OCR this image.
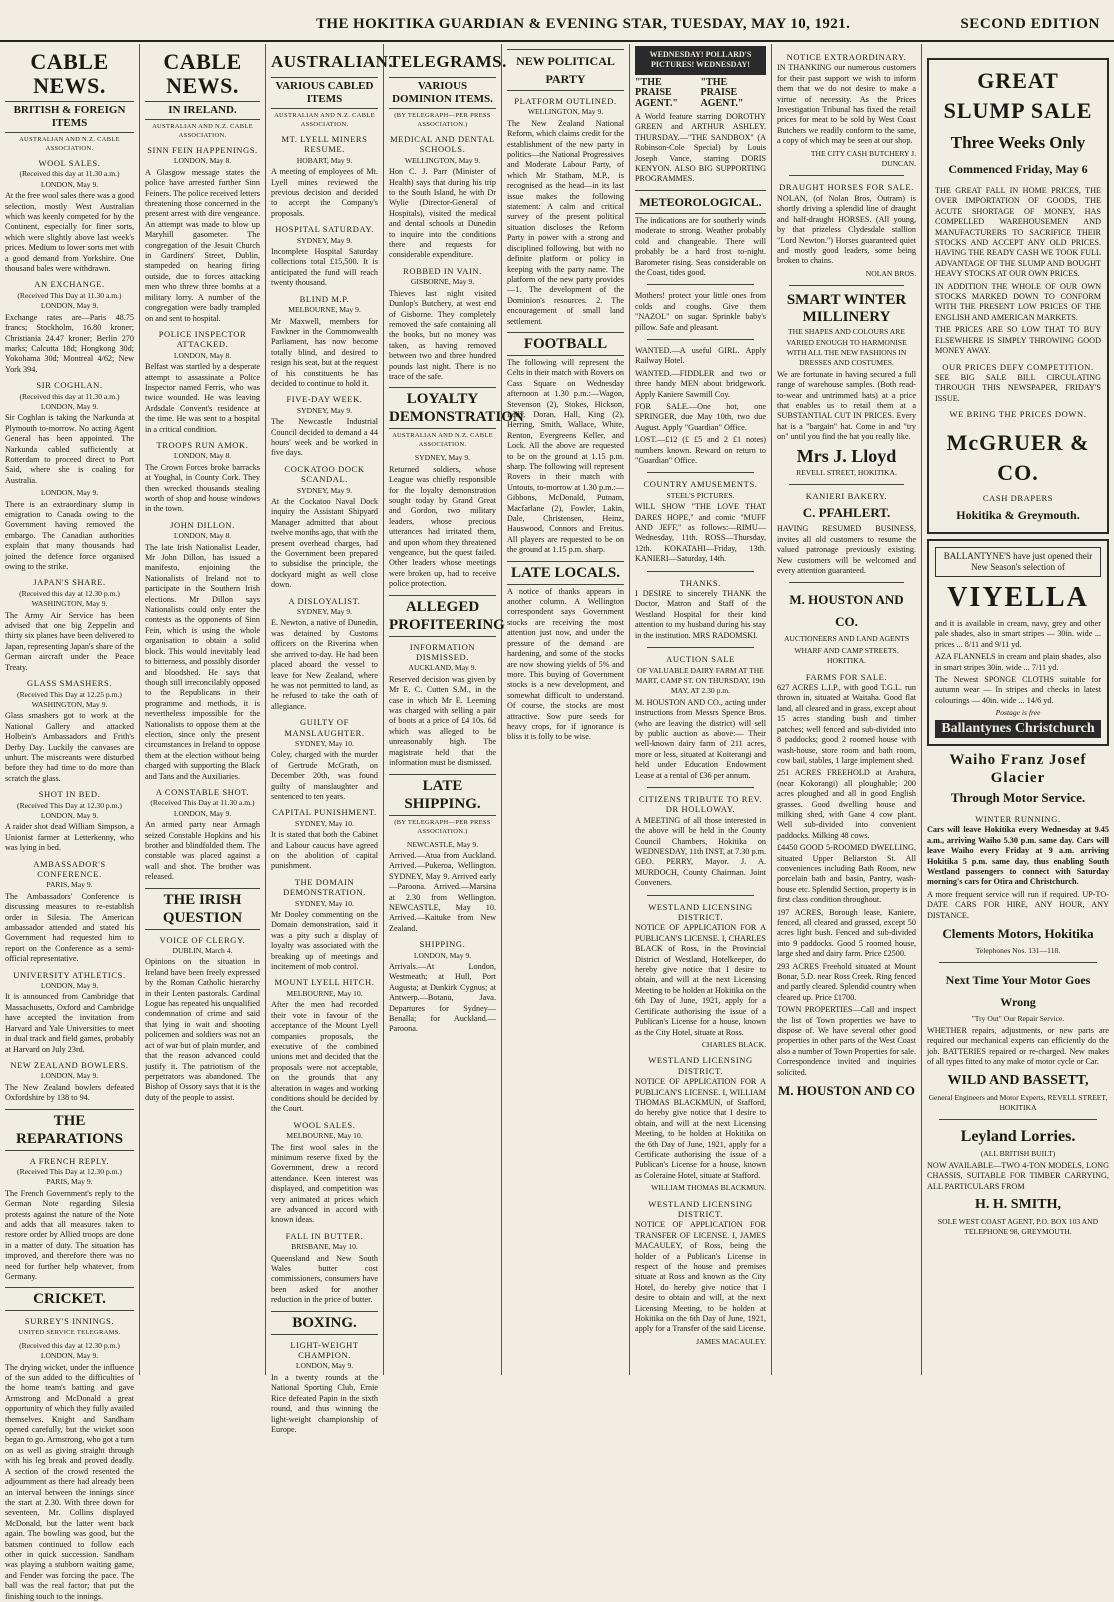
THE HOKITIKA GUARDIAN & EVENING STAR, TUESDAY, MAY 10, 1921.	SECOND EDITION
CABLE NEWS.
BRITISH & FOREIGN ITEMS
AUSTRALIAN AND N.Z. CABLE ASSOCIATION.
WOOL SALES.
(Received this day at 11.30 a.m.) LONDON, May 9.

At the free wool sales there was a good selection, mostly West Australian which was keenly competed for by the Continent, especially for finer sorts, which were slightly above last week's prices. Medium to lower sorts met with a good demand from Yorkshire. One thousand bales were withdrawn.

AN EXCHANGE.
(Received This Day at 11.30 a.m.) LONDON, May 9.

Exchange rates are—Paris 48.75 francs; Stockholm, 16.80 kroner; Christiania 24.47 kroner; Berlin 270 marks; Calcutta 18d; Hongkong 30d; Yokohama 30d; Montreal 4/62; New York 394.

SIR COGHLAN.
(Received this day at 11.30 a.m.) LONDON, May 9.

Sir Coghlan is taking the Narkunda at Plymouth to-morrow. No acting Agent General has been appointed. The Narkunda cabled sufficiently at Rotterdam to proceed direct to Port Said, where she is coaling for Australia.

LONDON, May 9.

There is an extraordinary slump in emigration to Canada owing to the Government having removed the embargo. The Canadian authorities explain that many thousands had joined the defence force organised owing to the strike.

JAPAN'S SHARE.
(Received this day at 12.30 p.m.) WASHINGTON, May 9.

The Army Air Service has been advised that one big Zeppelin and thirty six planes have been delivered to Japan, representing Japan's share of the German aircraft under the Peace Treaty.

GLASS SMASHERS.
(Received This Day at 12.25 p.m.) WASHINGTON, May 9.

Glass smashers got to work at the National Gallery and attacked Holbein's Ambassadors and Frith's Derby Day. Luckily the canvases are unhurt. The miscreants were disturbed before they had time to do more than scratch the glass.

SHOT IN BED.
(Received This Day at 12.30 p.m.) LONDON, May 9.

A raider shot dead William Simpson, a Unionist farmer at Letterkenny, who was lying in bed.

AMBASSADOR'S CONFERENCE.
PARIS, May 9.

The Ambassadors' Conference is discussing measures to re-establish order in Silesia. The American ambassador attended and stated his Government had requested him to report on the Conference as a semi-official representative.

UNIVERSITY ATHLETICS.
LONDON, May 9.

It is announced from Cambridge that Massachusetts, Oxford and Cambridge have accepted the invitation from Harvard and Yale Universities to meet in dual track and field games, probably at Harvard on July 23rd.

NEW ZEALAND BOWLERS.
LONDON, May 9.

The New Zealand bowlers defeated Oxfordshire by 138 to 94.

THE REPARATIONS
A FRENCH REPLY.
(Received This Day at 12.30 p.m.) PARIS, May 9.

The French Government's reply to the German Note regarding Silesia protests against the nature of the Note and adds that all measures taken to restore order by Allied troops are done in a matter of duty. The situation has improved, and therefore there was no need for further help whatever, from Germany.

CRICKET.
SURREY'S INNINGS.
UNITED SERVICE TELEGRAMS.
(Received this day at 12.30 p.m.) LONDON, May 9.

The drying wicket, under the influence of the sun added to the difficulties of the home team's batting and gave Armstrong and McDonald a great opportunity of which they fully availed themselves. Knight and Sandham opened carefully, but the wicket soon began to go. Armstrong, who got a turn on as well as giving straight through with his leg break and proved deadly. A section of the crowd resented the adjournment as there had already been an interval between the innings since the start at 2.30. With three down for seventeen, Mr. Collins displayed McDonald, but the latter went back again. The bowling was good, but the batsmen continued to follow each other in quick succession. Sandham was playing a stubborn waiting game, and Fender was forcing the pace. The ball was the real factor; that put the finishing touch to the innings.

CABLE NEWS.
IN IRELAND.
AUSTRALIAN AND N.Z. CABLE ASSOCIATION.
SINN FEIN HAPPENINGS.
LONDON, May 8.

A Glasgow message states the police have arrested further Sinn Feiners. The police received letters threatening those concerned in the present arrest with dire vengeance. An attempt was made to blow up Maryhill gasometer. The congregation of the Jesuit Church in Gardiners' Street, Dublin, stampeded on hearing firing outside, due to forces attacking men who threw three bombs at a military lorry. A number of the congregation were badly trampled on and sent to hospital.

POLICE INSPECTOR ATTACKED.
LONDON, May 8.

Belfast was startled by a desperate attempt to assassinate a Police Inspector named Ferris, who was twice wounded. He was leaving Ardsdale Convent's residence at the time. He was sent to a hospital in a critical condition.

TROOPS RUN AMOK.
LONDON, May 8.

The Crown Forces broke barracks at Youghal, in County Cork. They then wrecked thousands stealing worth of shop and house windows in the town.

JOHN DILLON.
LONDON, May 8.

The late Irish Nationalist Leader, Mr John Dillon, has issued a manifesto, enjoining the Nationalists of Ireland not to participate in the Southern Irish elections. Mr Dillon says Nationalists could only enter the contests as the opponents of Sinn Fein, which is using the whole organisation to obtain a solid block. This would inevitably lead to bitterness, and possibly disorder and bloodshed. He says that though still irreconcilably opposed to the Republicans in their programme and methods, it is nevertheless impossible for the Nationalists to oppose them at the election, since only the present circumstances in Ireland to oppose them at the election without being charged with supporting the Black and Tans and the Auxiliaries.

A CONSTABLE SHOT.
(Received This Day at 11.30 a.m.) LONDON, May 9.

An armed party near Armagh seized Constable Hopkins and his brother and blindfolded them. The constable was placed against a wall and shot. The brother was released.

THE IRISH QUESTION
VOICE OF CLERGY.
DUBLIN, March 4.

Opinions on the situation in Ireland have been freely expressed by the Roman Catholic hierarchy in their Lenten pastorals. Cardinal Logue has repeated his unqualified condemnation of crime and said that lying in wait and shooting policemen and soldiers was not an act of war but of plain murder, and that the reason advanced could justify it. The patriotism of the perpetrators was abandoned. The Bishop of Ossory says that it is the duty of the people to assist.

AUSTRALIAN.
VARIOUS CABLED ITEMS
AUSTRALIAN AND N.Z. CABLE ASSOCIATION.
MT. LYELL MINERS RESUME.
HOBART, May 9.

A meeting of employees of Mt. Lyell mines reviewed the previous decision and decided to accept the Company's proposals.

HOSPITAL SATURDAY.
SYDNEY, May 9.

Incomplete Hospital Saturday collections total £15,500. It is anticipated the fund will reach twenty thousand.

BLIND M.P.
MELBOURNE, May 9.

Mr Maxwell, members for Fawkner in the Commonwealth Parliament, has now become totally blind, and desired to resign his seat, but at the request of his constituents he has decided to continue to hold it.

FIVE-DAY WEEK.
SYDNEY, May 9.

The Newcastle Industrial Council decided to demand a 44 hours' week and be worked in five days.

COCKATOO DOCK SCANDAL.
SYDNEY, May 9.

At the Cockatoo Naval Dock inquiry the Assistant Shipyard Manager admitted that about twelve months ago, that with the present overhead charges, had the Government been prepared to subsidise the principle, the dockyard might as well close down.

A DISLOYALIST.
SYDNEY, May 9.

E. Newton, a native of Dunedin, was detained by Customs officers on the Riverina when she arrived to-day. He had been placed aboard the vessel to leave for New Zealand, where he was not permitted to land, as he refused to take the oath of allegiance.

GUILTY OF MANSLAUGHTER.
SYDNEY, May 10.

Coley, charged with the murder of Gertrude McGrath, on December 20th, was found guilty of manslaughter and sentenced to ten years.

CAPITAL PUNISHMENT.
SYDNEY, May 10.

It is stated that both the Cabinet and Labour caucus have agreed on the abolition of capital punishment.

THE DOMAIN DEMONSTRATION.
SYDNEY, May 10.

Mr Dooley commenting on the Domain demonstration, said it was a pity such a display of loyalty was associated with the breaking up of meetings and incitement of mob control.

MOUNT LYELL HITCH.
MELBOURNE, May 10.

After the men had recorded their vote in favour of the acceptance of the Mount Lyell companies proposals, the executive of the combined unions met and decided that the proposals were not acceptable, on the grounds that any alteration in wages and working conditions should be decided by the Court.

WOOL SALES.
MELBOURNE, May 10.

The first wool sales in the minimum reserve fixed by the Government, drew a record attendance. Keen interest was displayed, and competition was very animated at prices which are advanced in accord with known ideas.

FALL IN BUTTER.
BRISBANE, May 10.

Queensland and New South Wales butter cost commissioners, consumers have been asked for another reduction in the price of butter.

BOXING.
LIGHT-WEIGHT CHAMPION.
LONDON, May 9.

In a twenty rounds at the National Sporting Club, Ernie Rice defeated Papin in the sixth round, and thus winning the light-weight championship of Europe.

TELEGRAMS.
VARIOUS DOMINION ITEMS.
(BY TELEGRAPH—PER PRESS ASSOCIATION.)
MEDICAL AND DENTAL SCHOOLS.
WELLINGTON, May 9.

Hon C. J. Parr (Minister of Health) says that during his trip to the South Island, he with Dr Wylie (Director-General of Hospitals), visited the medical and dental schools at Dunedin to inquire into the conditions there and requests for considerable expenditure.

ROBBED IN VAIN.
GISBORNE, May 9.

Thieves last night visited Dunlop's Butchery, at west end of Gisborne. They completely removed the safe containing all the books, but no money was taken, as having removed between two and three hundred pounds last night. There is no trace of the safe.

LOYALTY DEMONSTRATION
AUSTRALIAN AND N.Z. CABLE ASSOCIATION.
SYDNEY, May 9.

Returned soldiers, whose League was chiefly responsible for the loyalty demonstration sought today by Grand Great and Gordon, two military leaders, whose precious utterances had irritated them, and upon whom they threatened vengeance, but the quest failed. Other leaders whose meetings were broken up, had to receive police protection.

ALLEGED PROFITEERING
INFORMATION DISMISSED.
AUCKLAND, May 9.

Reserved decision was given by Mr E. C. Cutten S.M., in the case in which Mr E. Leeming was charged with selling a pair of boots at a price of £4 10s. 6d which was alleged to be unreasonably high. The magistrate held that the information must be dismissed.

LATE SHIPPING.
(BY TELEGRAPH—PER PRESS ASSOCIATION.)
NEWCASTLE, May 9.

Arrived.—Atua from Auckland. Arrived.—Pukeroa, Wellington. SYDNEY, May 9. Arrived early—Paroona. Arrived.—Marsina at 2.30 from Wellington. NEWCASTLE, May 10. Arrived.—Kaituke from New Zealand.

SHIPPING.
LONDON, May 9.

Arrivals.—At London, Westmeath; at Hull, Port Augusta; at Dunkirk Cygnus; at Antwerp.—Botanu, Java. Departures for Sydney—Benalla; for Auckland.—Paroona.

NEW POLITICAL PARTY
PLATFORM OUTLINED.
WELLINGTON, May 9.

The New Zealand National Reform, which claims credit for the establishment of the new party in politics—the National Progressives and Moderate Labour Party, of which Mr Statham, M.P., is recognised as the head—in its last issue makes the following statement: A calm and critical survey of the present political situation discloses the Reform Party in power with a strong and disciplined following, but with no definite platform or policy in keeping with the party name. The platform of the new party provides—1. The development of the Dominion's resources. 2. The encouragement of small land settlement.

FOOTBALL

The following will represent the Celts in their match with Rovers on Cass Square on Wednesday afternoon at 1.30 p.m.:—Wagon, Stevenson (2), Stokes, Hickson, Ledy, Doran, Hall, King (2), Herring, Smith, Wallace, White, Renton, Evergreens Keller, and Lock. All the above are requested to be on the ground at 1.15 p.m. sharp. The following will represent Rovers in their match with Untouts, to-morrow at 1.30 p.m.:—Gibbons, McDonald, Putnam, Macfarlane (2), Fowler, Lakin, Dale, Christensen, Heinz, Hauswood, Connors and Freitus. All players are requested to be on the ground at 1.15 p.m. sharp.

LATE LOCALS.

A notice of thanks appears in another column. A Wellington correspondent says Government stocks are receiving the most attention just now, and under the pressure of the demand are hardening, and some of the stocks are now showing yields of 5% and more. This buying of Government stocks is a new development, and somewhat difficult to understand. Of course, the stocks are most attractive. Sow pure seeds for heavy crops, for if ignorance is bliss it is folly to be wise.

WEDNESDAY! POLLARD'S PICTURES! WEDNESDAY!
"THE PRAISE AGENT."
"THE PRAISE AGENT."

A World feature starring DOROTHY GREEN and ARTHUR ASHLEY. THURSDAY.—"THE SANDBOX" (A Robinson-Cole Special) by Louis Joseph Vance, starring DORIS KENYON. ALSO BIG SUPPORTING PROGRAMMES.

METEOROLOGICAL.

The indications are for southerly winds moderate to strong. Weather probably cold and changeable. There will probably be a hard frost to-night. Barometer rising. Seas considerable on the Coast, tides good.

Mothers! protect your little ones from colds and coughs. Give them "NAZOL" on sugar. Sprinkle baby's pillow. Safe and pleasant.

WANTED.—A useful GIRL. Apply Railway Hotel.

WANTED.—FIDDLER and two or three handy MEN about bridgework. Apply Kaniere Sawmill Coy.

FOR SALE.—One hot, one SPRINGER, due May 10th, two due August. Apply "Guardian" Office.

LOST.—£12 (£ £5 and 2 £1 notes) numbers known. Reward on return to "Guardian" Office.

COUNTRY AMUSEMENTS.
STEEL'S PICTURES.

WILL SHOW "THE LOVE THAT DARES HOPE," and comic "MUFF AND JEFF," as follows:—RIMU—Wednesday, 11th. ROSS—Thursday, 12th. KOKATAHI—Friday, 13th. KANIERI—Saturday, 14th.

THANKS.

I DESIRE to sincerely THANK the Doctor, Matron and Staff of the Westland Hospital for their kind attention to my husband during his stay in the institution. MRS RADOMSKI.

AUCTION SALE
OF VALUABLE DAIRY FARM AT THE MART, CAMP ST. ON THURSDAY, 19th MAY, AT 2.30 p.m.

M. HOUSTON AND CO., acting under instructions from Messrs Spence Bros. (who are leaving the district) will sell by public auction as above:— Their well-known dairy farm of 211 acres, more or less, situated at Koiterangi and held under Education Endowment Lease at a rental of £36 per annum.

CITIZENS TRIBUTE TO REV. DR HOLLOWAY.

A MEETING of all those interested in the above will be held in the County Council Chambers, Hokitika on WEDNESDAY, 11th INST, at 7.30 p.m. GEO. PERRY, Mayor. J. A. MURDOCH, County Chairman. Joint Conveners.

WESTLAND LICENSING DISTRICT.

NOTICE OF APPLICATION FOR A PUBLICAN'S LICENSE. I, CHARLES BLACK of Ross, in the Provincial District of Westland, Hotelkeeper, do hereby give notice that I desire to obtain, and will at the next Licensing Meeting to be holden at Hokitika on the 6th Day of June, 1921, apply for a Certificate authorising the issue of a Publican's License for a house, known as the City Hotel, situate at Ross.

CHARLES BLACK.
WESTLAND LICENSING DISTRICT.

NOTICE OF APPLICATION FOR A PUBLICAN'S LICENSE. I, WILLIAM THOMAS BLACKMUN, of Stafford, do hereby give notice that I desire to obtain, and will at the next Licensing Meeting, to be holden at Hokitika on the 6th Day of June, 1921, apply for a Certificate authorising the issue of a Publican's License for a house, known as Coleraine Hotel, situate at Stafford.

WILLIAM THOMAS BLACKMUN.
WESTLAND LICENSING DISTRICT.

NOTICE OF APPLICATION FOR TRANSFER OF LICENSE. I, JAMES MACAULEY, of Ross, being the holder of a Publican's License in respect of the house and premises situate at Ross and known as the City Hotel, do hereby give notice that I desire to obtain and will, at the next Licensing Meeting, to be holden at Hokitika on the 6th Day of June, 1921, apply for a Transfer of the said License.

JAMES MACAULEY.
NOTICE EXTRAORDINARY.

IN THANKING our numerous customers for their past support we wish to inform them that we do not desire to make a virtue of necessity. As the Prices Investigation Tribunal has fixed the retail prices for meat to be sold by West Coast Butchers we readily conform to the same, a copy of which may be seen at our shop.

THE CITY CASH BUTCHERY J. DUNCAN.
DRAUGHT HORSES FOR SALE.

NOLAN, (of Nolan Bros, Outram) is shortly driving a splendid line of draught and half-draught HORSES. (All young, by that prizeless Clydesdale stallion "Lord Newton.") Horses guaranteed quiet and mostly good leaders, some being broken to chains.

NOLAN BROS.
SMART WINTER MILLINERY
THE SHAPES AND COLOURS ARE VARIED ENOUGH TO HARMONISE WITH ALL THE NEW FASHIONS IN DRESSES AND COSTUMES.

We are fortunate in having secured a full range of warehouse samples. (Both read-to-wear and untrimmed hats) at a price that enables us to retail them at a SUBSTANTIAL CUT IN PRICES. Every hat is a "bargain" hat. Come in and "try on" until you find the hat you really like.

Mrs J. Lloyd
REVELL STREET, HOKITIKA.
KANIERI BAKERY.
C. PFAHLERT.

HAVING RESUMED BUSINESS, invites all old customers to resume the valued patronage previously existing. New customers will be welcomed and every attention guaranteed.

M. HOUSTON AND CO.
AUCTIONEERS AND LAND AGENTS
WHARF AND CAMP STREETS. HOKITIKA.
FARMS FOR SALE.

627 ACRES L.I.P., with good T.G.L. run thrown in, situated at Waitaha. Good flat land, all cleared and in grass, except about 15 acres standing bush and timber patches; well fenced and sub-divided into 8 paddocks; good 2 roomed house with wash-house, store room and bath room, cow bail, stables, 1 large implement shed.

251 ACRES FREEHOLD at Arahura, (near Kokorangi) all ploughable; 200 acres ploughed and all in good English grasses. Good dwelling house and milking shed, with Gane 4 cow plant. Well sub-divided into convenient paddocks. Milking 48 cows.

£4450 GOOD 5-ROOMED DWELLING, situated Upper Beliarston St. All conveniences including Bath Room, new porcelain bath and basin, Pantry, wash-house etc. Splendid Section, property is in first class condition throughout.

197 ACRES, Borough lease, Kaniere, fenced, all cleared and grassed, except 50 acres light bush. Fenced and sub-divided into 9 paddocks. Good 5 roomed house, large shed and dairy farm. Price £2500.

293 ACRES Freehold situated at Mount Bonar, 5.D. near Ross Creek. Ring fenced and partly cleared. Splendid country when cleared up. Price £1700.

TOWN PROPERTIES—Call and inspect the list of Town properties we have to dispose of. We have several other good properties in other parts of the West Coast also a number of Town Properties for sale. Correspondence invited and inquiries solicited.

M. HOUSTON AND CO
GREAT SLUMP SALE
Three Weeks Only
Commenced Friday, May 6

THE GREAT FALL IN HOME PRICES, THE OVER IMPORTATION OF GOODS, THE ACUTE SHORTAGE OF MONEY, HAS COMPELLED WAREHOUSEMEN AND MANUFACTURERS TO SACRIFICE THEIR STOCKS AND ACCEPT ANY OLD PRICES. HAVING THE READY CASH WE TOOK FULL ADVANTAGE OF THE SLUMP AND BOUGHT HEAVY STOCKS AT OUR OWN PRICES.

IN ADDITION THE WHOLE OF OUR OWN STOCKS MARKED DOWN TO CONFORM WITH THE PRESENT LOW PRICES OF THE ENGLISH AND AMERICAN MARKETS.

THE PRICES ARE SO LOW THAT TO BUY ELSEWHERE IS SIMPLY THROWING GOOD MONEY AWAY.

OUR PRICES DEFY COMPETITION.

SEE BIG SALE BILL CIRCULATING THROUGH THIS NEWSPAPER, FRIDAY'S ISSUE.

WE BRING THE PRICES DOWN.
McGRUER & CO.
CASH DRAPERS
Hokitika & Greymouth.
BALLANTYNE'S have just opened their New Season's selection of
VIYELLA

and it is available in cream, navy, grey and other pale shades, also in smart stripes — 30in. wide ... prices ... 8/11 and 9/11 yd.

AZA FLANNELS in cream and plain shades, also in smart stripes 30in. wide ... 7/11 yd.

The Newest SPONGE CLOTHS suitable for autumn wear — In stripes and checks in latest colourings — 40in. wide ... 14/6 yd.

Postage is free
Ballantynes Christchurch
Waiho Franz Josef Glacier
Through Motor Service.
WINTER RUNNING.

Cars will leave Hokitika every Wednesday at 9.45 a.m., arriving Waiho 5.30 p.m. same day. Cars will leave Waiho every Friday at 9 a.m. arriving Hokitika 5 p.m. same day, thus enabling South Westland passengers to connect with Saturday morning's cars for Otira and Christchurch.

A more frequent service will run if required. UP-TO-DATE CARS FOR HIRE, ANY HOUR, ANY DISTANCE.

Clements Motors, Hokitika
Telephones Nos. 131—118.
Next Time Your Motor Goes Wrong
"Try Out" Our Repair Service.

WHETHER repairs, adjustments, or new parts are required our mechanical experts can efficiently do the job. BATTERIES repaired or re-charged. New makes of all types fitted to any make of motor cycle or Car.

WILD AND BASSETT,
General Engineers and Motor Experts, REVELL STREET, HOKITIKA
Leyland Lorries.
(ALL BRITISH BUILT)

NOW AVAILABLE—TWO 4-TON MODELS, LONG CHASSIS, SUITABLE FOR TIMBER CARRYING, ALL PARTICULARS FROM

H. H. SMITH,
SOLE WEST COAST AGENT, P.O. BOX 103 AND TELEPHONE 98, GREYMOUTH.
